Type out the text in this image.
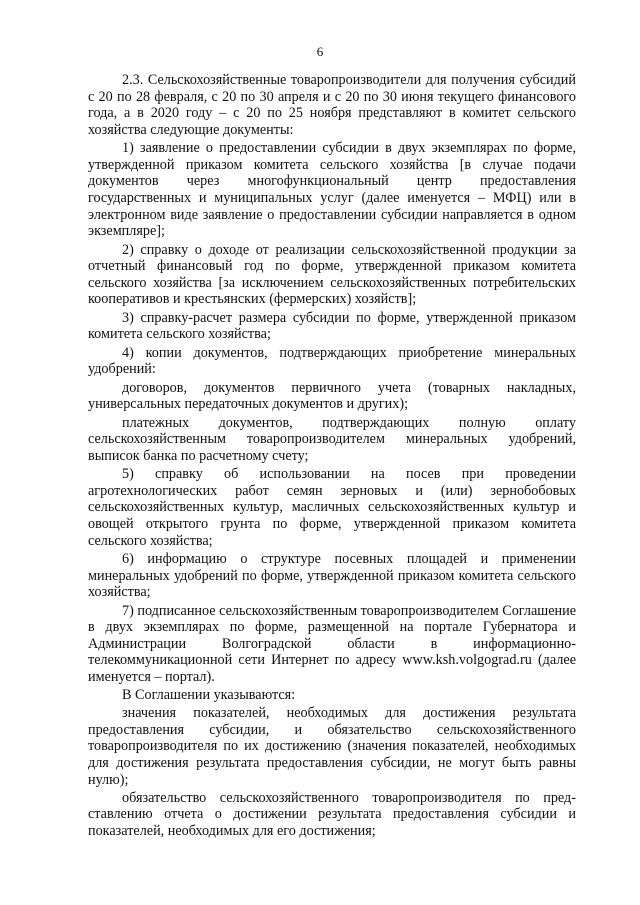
6

2.3. Сельскохозяйственные товаропроизводители для получения субсидий с 20 по 28 февраля, с 20 по 30 апреля и с 20 по 30 июня текущего финансового года, а в 2020 году – с 20 по 25 ноября представляют в комитет сельского хозяйства следующие документы:

1) заявление о предоставлении субсидии в двух экземплярах по форме, утвержденной приказом комитета сельского хозяйства [в случае подачи документов через многофункциональный центр предоставления государственных и муниципальных услуг (далее именуется – МФЦ) или в электронном виде заявление о предоставлении субсидии направляется в одном экземпляре];

2) справку о доходе от реализации сельскохозяйственной продукции за отчетный финансовый год по форме, утвержденной приказом комитета сельского хозяйства [за исключением сельскохозяйственных потребительских кооперативов и крестьянских (фермерских) хозяйств];

3) справку-расчет размера субсидии по форме, утвержденной приказом комитета сельского хозяйства;

4) копии документов, подтверждающих приобретение минеральных удобрений:

договоров, документов первичного учета (товарных накладных, универсальных передаточных документов и других);

платежных документов, подтверждающих полную оплату сельскохозяйственным товаропроизводителем минеральных удобрений, выписок банка по расчетному счету;

5) справку об использовании на посев при проведении агротехнологических работ семян зерновых и (или) зернобобовых сельскохозяйственных культур, масличных сельскохозяйственных культур и овощей открытого грунта по форме, утвержденной приказом комитета сельского хозяйства;

6) информацию о структуре посевных площадей и применении минеральных удобрений по форме, утвержденной приказом комитета сельского хозяйства;

7) подписанное сельскохозяйственным товаропроизводителем Соглашение в двух экземплярах по форме, размещенной на портале Губернатора и Администрации Волгоградской области в информационно-телекоммуникационной сети Интернет по адресу www.ksh.volgograd.ru (далее именуется – портал).

В Соглашении указываются:

значения показателей, необходимых для достижения результата предоставления субсидии, и обязательство сельскохозяйственного товаропроизводителя по их достижению (значения показателей, необходимых для достижения результата предоставления субсидии, не могут быть равны нулю);

обязательство сельскохозяйственного товаропроизводителя по представлению отчета о достижении результата предоставления субсидии и показателей, необходимых для его достижения;
